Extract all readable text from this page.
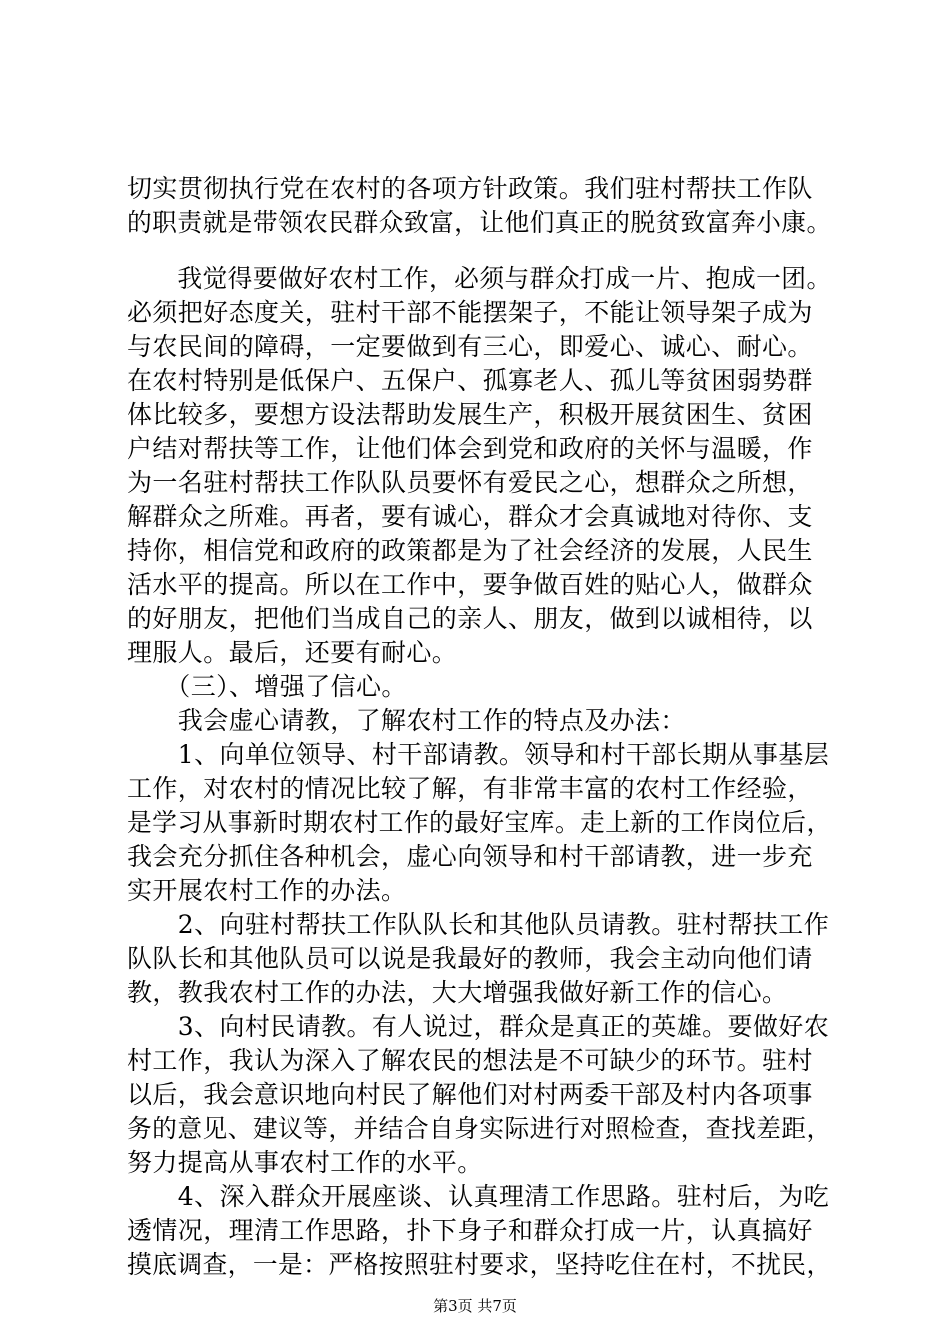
切实贯彻执行党在农村的各项方针政策。我们驻村帮扶工作队
的职责就是带领农民群众致富，让他们真正的脱贫致富奔小康。
　　我觉得要做好农村工作，必须与群众打成一片、抱成一团。
必须把好态度关，驻村干部不能摆架子，不能让领导架子成为
与农民间的障碍，一定要做到有三心，即爱心、诚心、耐心。
在农村特别是低保户、五保户、孤寡老人、孤儿等贫困弱势群
体比较多，要想方设法帮助发展生产，积极开展贫困生、贫困
户结对帮扶等工作，让他们体会到党和政府的关怀与温暖，作
为一名驻村帮扶工作队队员要怀有爱民之心，想群众之所想，
解群众之所难。再者，要有诚心，群众才会真诚地对待你、支
持你，相信党和政府的政策都是为了社会经济的发展，人民生
活水平的提高。所以在工作中，要争做百姓的贴心人，做群众
的好朋友，把他们当成自己的亲人、朋友，做到以诚相待，以
理服人。最后，还要有耐心。
　　（三）、增强了信心。
　　我会虚心请教，了解农村工作的特点及办法：
　　1、向单位领导、村干部请教。领导和村干部长期从事基层
工作，对农村的情况比较了解，有非常丰富的农村工作经验，
是学习从事新时期农村工作的最好宝库。走上新的工作岗位后，
我会充分抓住各种机会，虚心向领导和村干部请教，进一步充
实开展农村工作的办法。
　　2、向驻村帮扶工作队队长和其他队员请教。驻村帮扶工作
队队长和其他队员可以说是我最好的教师，我会主动向他们请
教，教我农村工作的办法，大大增强我做好新工作的信心。
　　3、向村民请教。有人说过，群众是真正的英雄。要做好农
村工作，我认为深入了解农民的想法是不可缺少的环节。驻村
以后，我会意识地向村民了解他们对村两委干部及村内各项事
务的意见、建议等，并结合自身实际进行对照检查，查找差距，
努力提高从事农村工作的水平。
　　4、深入群众开展座谈、认真理清工作思路。驻村后，为吃
透情况，理清工作思路，扑下身子和群众打成一片，认真搞好
摸底调查，一是：严格按照驻村要求，坚持吃住在村，不扰民，
第3页 共7页
